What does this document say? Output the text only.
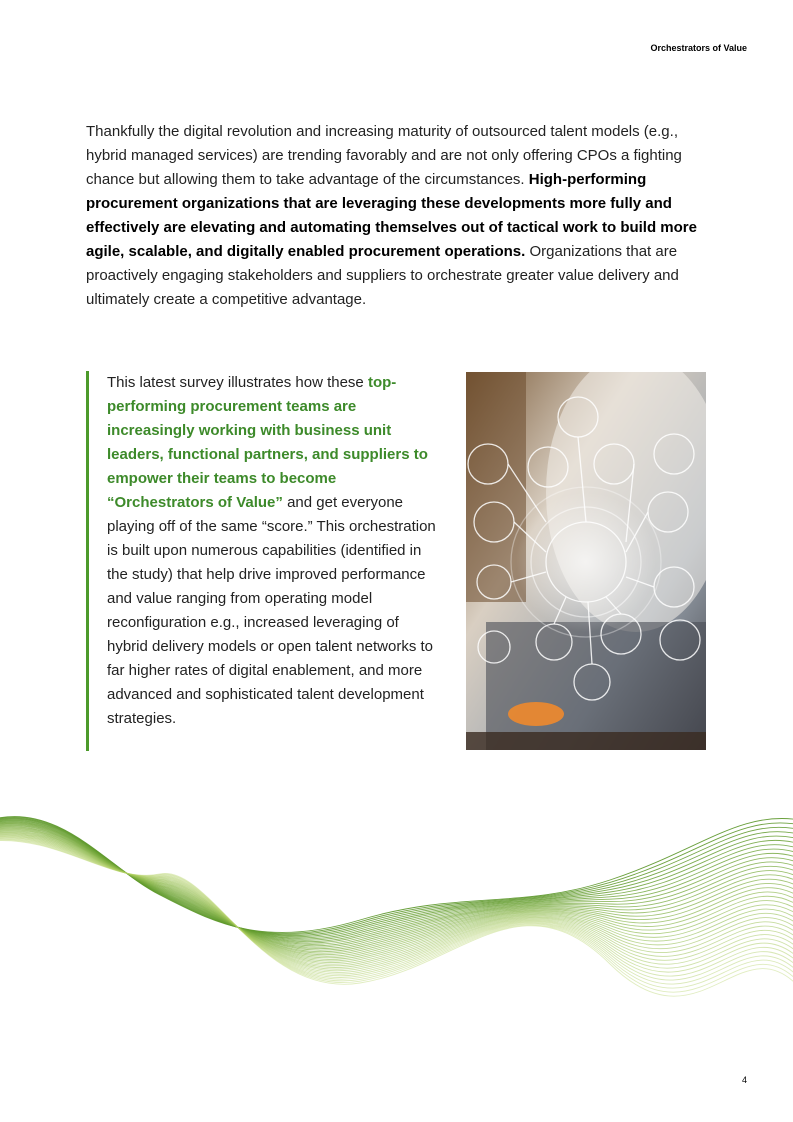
Orchestrators of Value

Thankfully the digital revolution and increasing maturity of outsourced talent models (e.g., hybrid managed services) are trending favorably and are not only offering CPOs a fighting chance but allowing them to take advantage of the circumstances. High-performing procurement organizations that are leveraging these developments more fully and effectively are elevating and automating themselves out of tactical work to build more agile, scalable, and digitally enabled procurement operations. Organizations that are proactively engaging stakeholders and suppliers to orchestrate greater value delivery and ultimately create a competitive advantage.

This latest survey illustrates how these top-performing procurement teams are increasingly working with business unit leaders, functional partners, and suppliers to empower their teams to become “Orchestrators of Value” and get everyone playing off of the same “score.” This orchestration is built upon numerous capabilities (identified in the study) that help drive improved performance and value ranging from operating model reconfiguration e.g., increased leveraging of hybrid delivery models or open talent networks to far higher rates of digital enablement, and more advanced and sophisticated talent development strategies.

4
